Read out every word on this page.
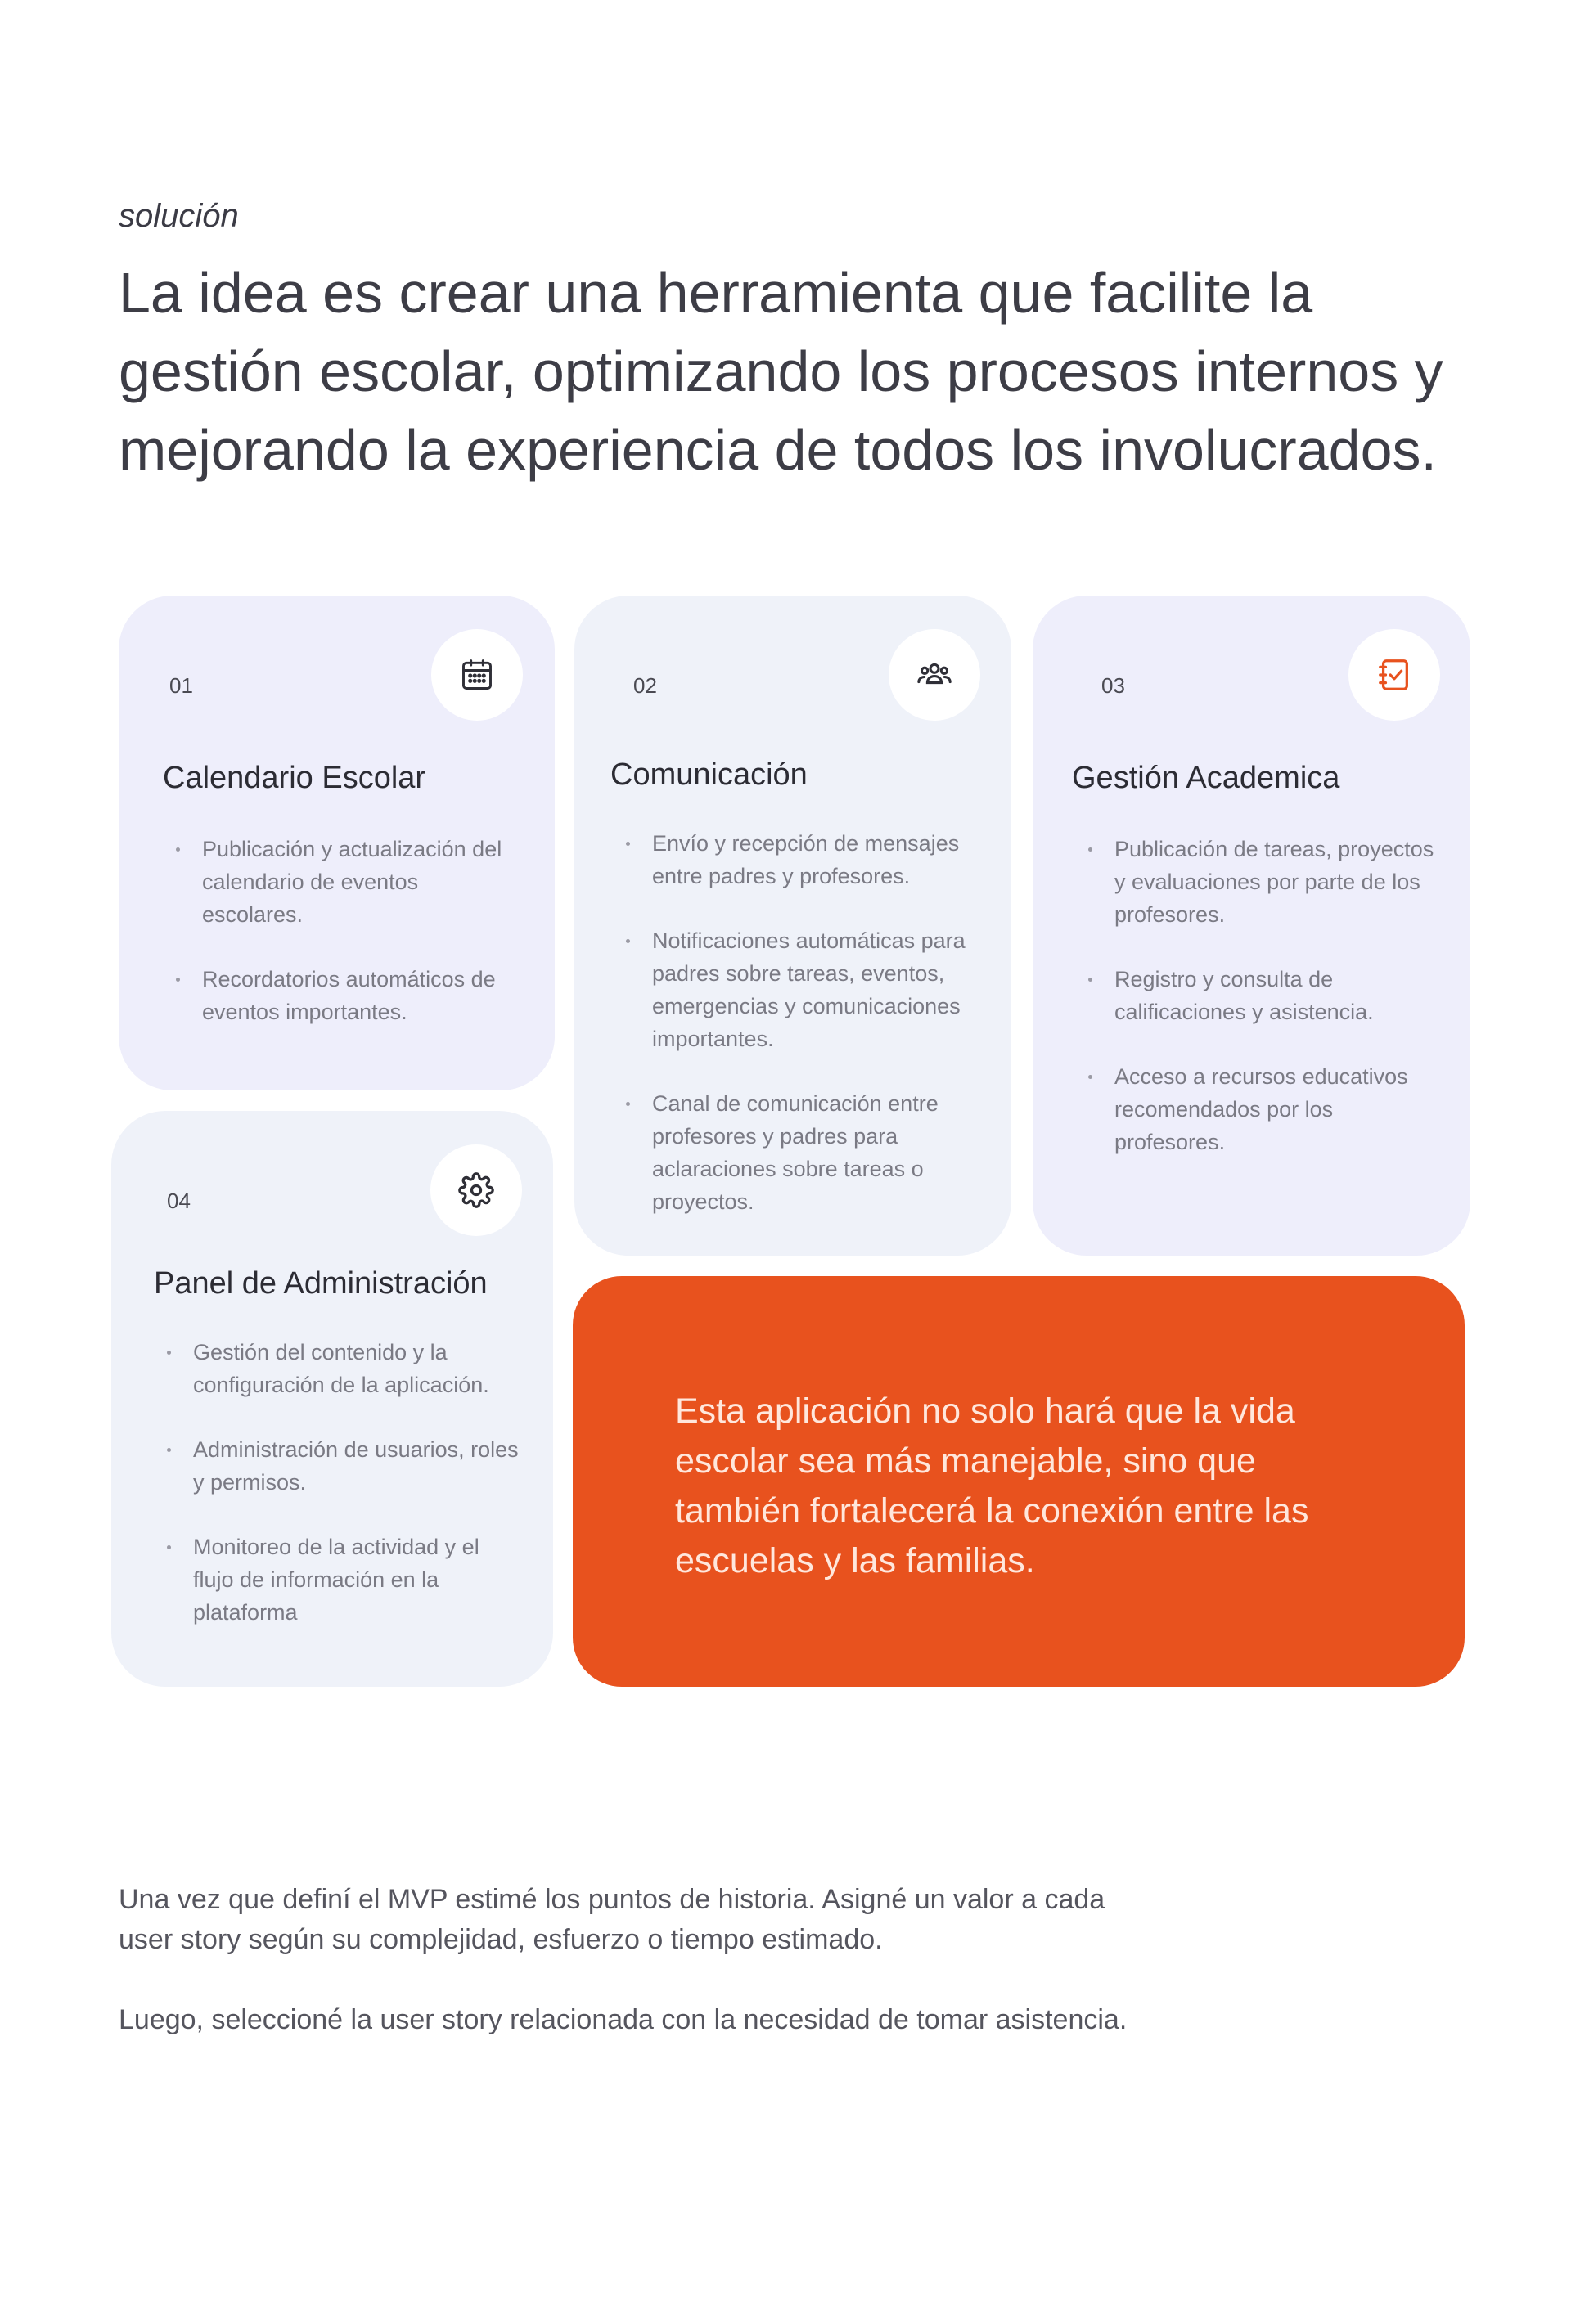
solución
La idea es crear una herramienta que facilite la gestión escolar, optimizando los procesos internos y mejorando la experiencia de todos los involucrados.
01
Calendario Escolar
Publicación y actualización del calendario de eventos escolares.
Recordatorios automáticos de eventos importantes.
02
Comunicación
Envío y recepción de mensajes entre padres y profesores.
Notificaciones automáticas para padres sobre tareas, eventos, emergencias y comunicaciones importantes.
Canal de comunicación entre profesores y padres para aclaraciones sobre tareas o proyectos.
03
Gestión Academica
Publicación de tareas, proyectos y evaluaciones por parte de los profesores.
Registro y consulta de calificaciones y asistencia.
Acceso a recursos educativos recomendados por los profesores.
04
Panel de Administración
Gestión del contenido y la configuración de la aplicación.
Administración de usuarios, roles y permisos.
Monitoreo de la actividad y el flujo de información en la plataforma
Esta aplicación no solo hará que la vida escolar sea más manejable, sino que también fortalecerá la conexión entre las escuelas y las familias.

Una vez que definí el MVP estimé los puntos de historia. Asigné un valor a cada user story según su complejidad, esfuerzo o tiempo estimado.

Luego, seleccioné la user story relacionada con la necesidad de tomar asistencia.
